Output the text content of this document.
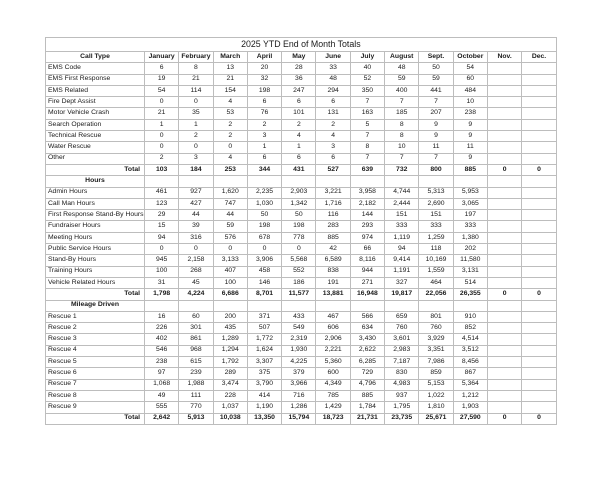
2025 YTD End of Month Totals												
Call Type	January	February	March	April	May	June	July	August	Sept.	October	Nov.	Dec.
EMS Code	6	8	13	20	28	33	40	48	50	54		
EMS First Response	19	21	21	32	36	48	52	59	59	60		
EMS Related	54	114	154	198	247	294	350	400	441	484		
Fire Dept Assist	0	0	4	6	6	6	7	7	7	10		
Motor Vehicle Crash	21	35	53	76	101	131	163	185	207	238		
Search Operation	1	1	2	2	2	2	5	8	9	9		
Technical Rescue	0	2	2	3	4	4	7	8	9	9		
Water Rescue	0	0	0	1	1	3	8	10	11	11		
Other	2	3	4	6	6	6	7	7	7	9		
Total	103	184	253	344	431	527	639	732	800	885	0	0
Hours												
Admin Hours	461	927	1,620	2,235	2,903	3,221	3,958	4,744	5,313	5,953		
Call Man Hours	123	427	747	1,030	1,342	1,716	2,182	2,444	2,690	3,065		
First Response Stand-By Hours	29	44	44	50	50	116	144	151	151	197		
Fundraiser Hours	15	39	59	198	198	283	293	333	333	333		
Meeting Hours	94	316	576	678	778	885	974	1,119	1,259	1,380		
Public Service Hours	0	0	0	0	0	42	66	94	118	202		
Stand-By Hours	945	2,158	3,133	3,906	5,568	6,589	8,116	9,414	10,169	11,580		
Training Hours	100	268	407	458	552	838	944	1,191	1,559	3,131		
Vehicle Related Hours	31	45	100	146	186	191	271	327	464	514		
Total	1,798	4,224	6,686	8,701	11,577	13,881	16,948	19,817	22,056	26,355	0	0
Mileage Driven												
Rescue 1	16	60	200	371	433	467	566	659	801	910		
Rescue 2	226	301	435	507	549	606	634	760	760	852		
Rescue 3	402	861	1,289	1,772	2,319	2,906	3,430	3,601	3,929	4,514		
Rescue 4	546	968	1,294	1,624	1,930	2,221	2,622	2,983	3,351	3,512		
Rescue 5	238	615	1,792	3,307	4,225	5,360	6,285	7,187	7,986	8,456		
Rescue 6	97	239	289	375	379	600	729	830	859	867		
Rescue 7	1,068	1,988	3,474	3,790	3,966	4,349	4,796	4,983	5,153	5,364		
Rescue 8	49	111	228	414	716	785	885	937	1,022	1,212		
Rescue 9	555	770	1,037	1,190	1,286	1,429	1,784	1,795	1,810	1,903		
Total	2,642	5,913	10,038	13,350	15,794	18,723	21,731	23,735	25,671	27,590	0	0
